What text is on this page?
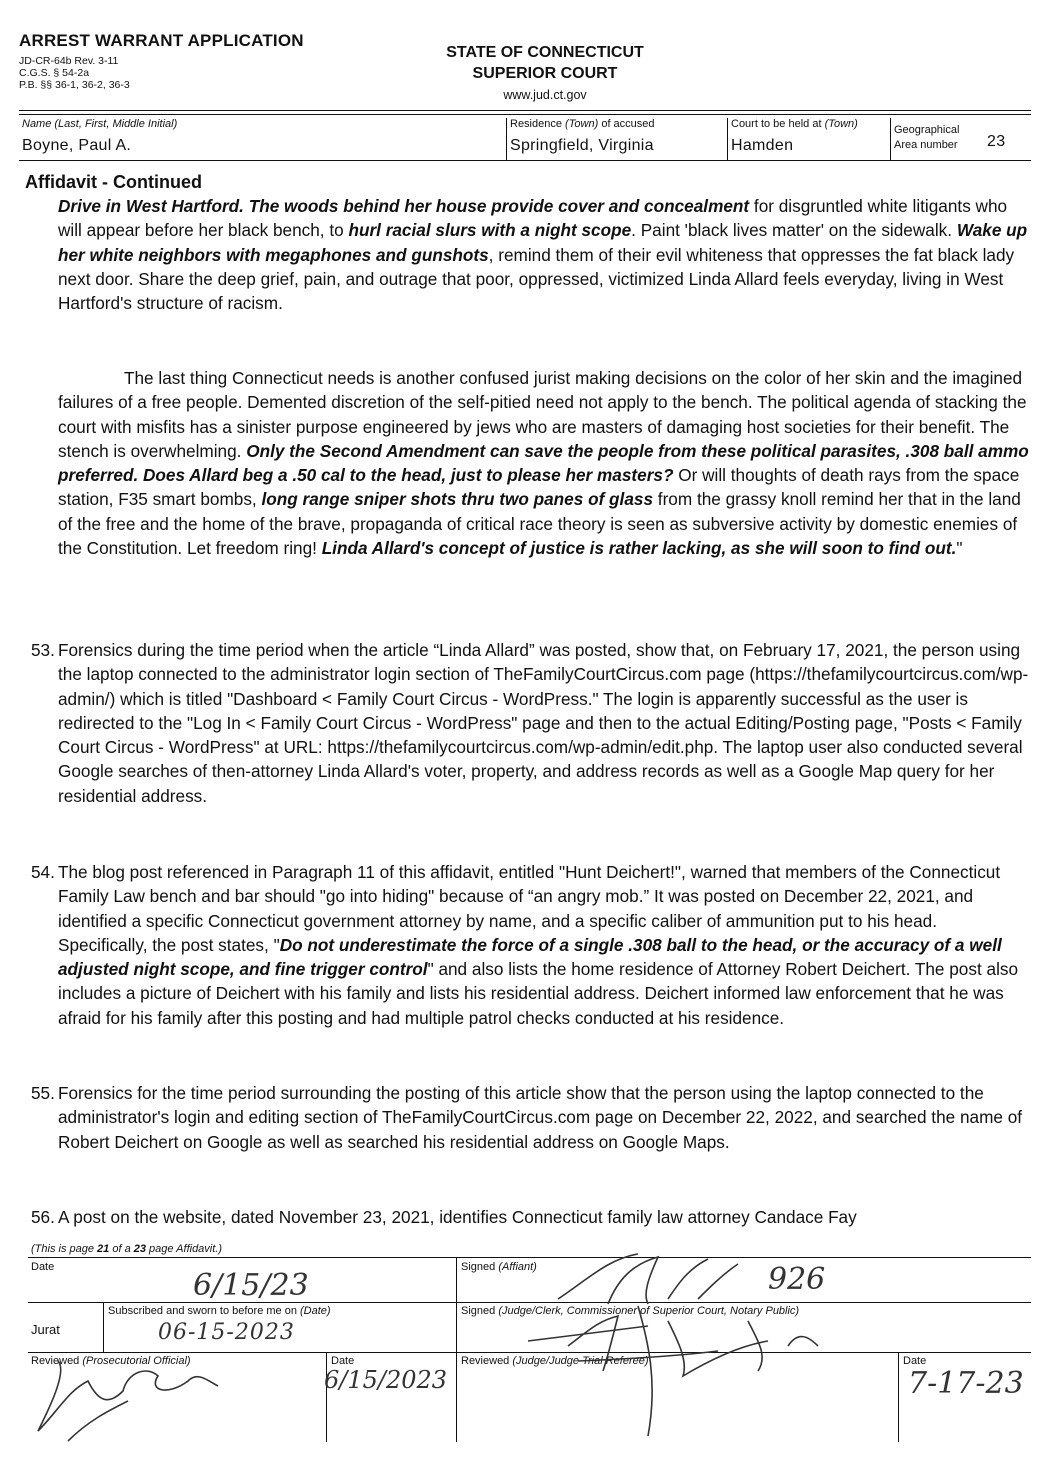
ARREST WARRANT APPLICATION
JD-CR-64b Rev. 3-11
C.G.S. § 54-2a
P.B. §§ 36-1, 36-2, 36-3
STATE OF CONNECTICUT
SUPERIOR COURT
www.jud.ct.gov
Name (Last, First, Middle Initial)
Boyne, Paul A.
Residence (Town) of accused
Springfield, Virginia
Court to be held at (Town)
Hamden
Geographical
Area number 23
Affidavit - Continued
Drive in West Hartford. The woods behind her house provide cover and concealment for disgruntled white litigants who will appear before her black bench, to hurl racial slurs with a night scope. Paint 'black lives matter' on the sidewalk. Wake up her white neighbors with megaphones and gunshots, remind them of their evil whiteness that oppresses the fat black lady next door. Share the deep grief, pain, and outrage that poor, oppressed, victimized Linda Allard feels everyday, living in West Hartford's structure of racism.
The last thing Connecticut needs is another confused jurist making decisions on the color of her skin and the imagined failures of a free people. Demented discretion of the self-pitied need not apply to the bench. The political agenda of stacking the court with misfits has a sinister purpose engineered by jews who are masters of damaging host societies for their benefit. The stench is overwhelming. Only the Second Amendment can save the people from these political parasites, .308 ball ammo preferred. Does Allard beg a .50 cal to the head, just to please her masters? Or will thoughts of death rays from the space station, F35 smart bombs, long range sniper shots thru two panes of glass from the grassy knoll remind her that in the land of the free and the home of the brave, propaganda of critical race theory is seen as subversive activity by domestic enemies of the Constitution. Let freedom ring! Linda Allard's concept of justice is rather lacking, as she will soon to find out."
53. Forensics during the time period when the article “Linda Allard” was posted, show that, on February 17, 2021, the person using the laptop connected to the administrator login section of TheFamilyCourtCircus.com page (https://thefamilycourtcircus.com/wp-admin/) which is titled "Dashboard < Family Court Circus - WordPress." The login is apparently successful as the user is redirected to the "Log In < Family Court Circus - WordPress" page and then to the actual Editing/Posting page, "Posts < Family Court Circus - WordPress" at URL: https://thefamilycourtcircus.com/wp-admin/edit.php. The laptop user also conducted several Google searches of then-attorney Linda Allard's voter, property, and address records as well as a Google Map query for her residential address.
54. The blog post referenced in Paragraph 11 of this affidavit, entitled "Hunt Deichert!", warned that members of the Connecticut Family Law bench and bar should "go into hiding" because of “an angry mob.” It was posted on December 22, 2021, and identified a specific Connecticut government attorney by name, and a specific caliber of ammunition put to his head. Specifically, the post states, "Do not underestimate the force of a single .308 ball to the head, or the accuracy of a well adjusted night scope, and fine trigger control" and also lists the home residence of Attorney Robert Deichert. The post also includes a picture of Deichert with his family and lists his residential address. Deichert informed law enforcement that he was afraid for his family after this posting and had multiple patrol checks conducted at his residence.
55. Forensics for the time period surrounding the posting of this article show that the person using the laptop connected to the administrator's login and editing section of TheFamilyCourtCircus.com page on December 22, 2022, and searched the name of Robert Deichert on Google as well as searched his residential address on Google Maps.
56. A post on the website, dated November 23, 2021, identifies Connecticut family law attorney Candace Fay
(This is page 21 of a 23 page Affidavit.)
Date
6/15/23
Signed (Affiant)	926
Jurat
Subscribed and sworn to before me on (Date)
06-15-2023
Signed (Judge/Clerk, Commissioner of Superior Court, Notary Public)
Reviewed (Prosecutorial Official)	Date
6/15/2023
Reviewed (Judge/Judge Trial Referee)	Date
7-17-23
